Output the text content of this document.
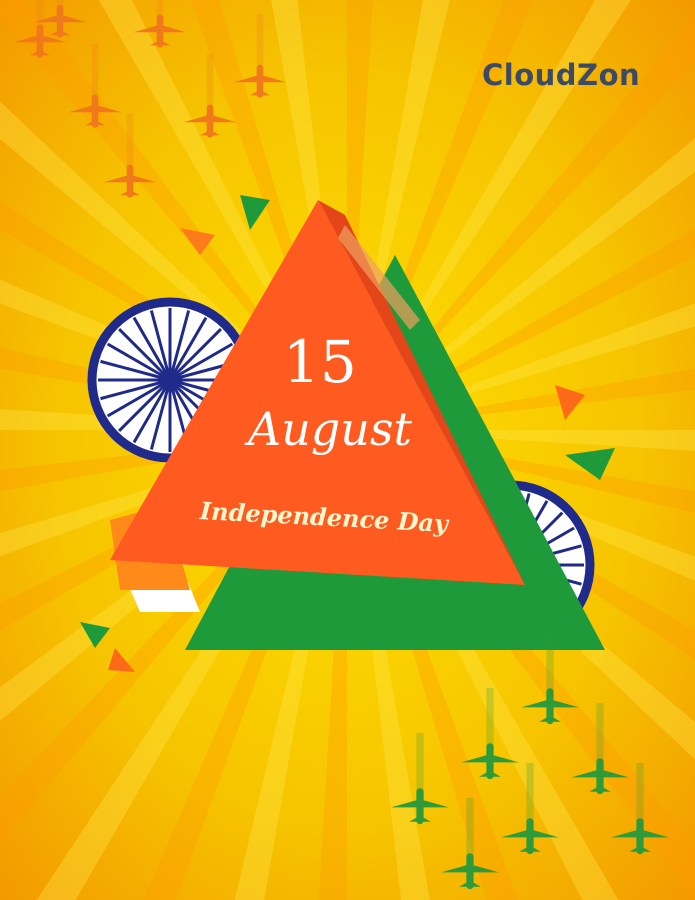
CloudZon
15
August
Independence Day
